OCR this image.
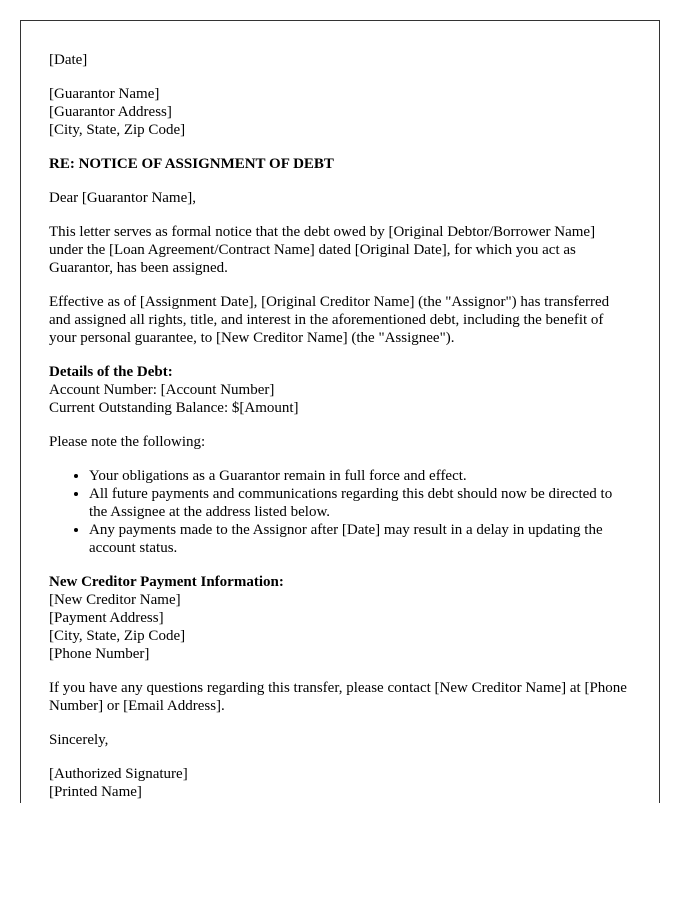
[Date]

[Guarantor Name]
[Guarantor Address]
[City, State, Zip Code]

RE: NOTICE OF ASSIGNMENT OF DEBT

Dear [Guarantor Name],

This letter serves as formal notice that the debt owed by [Original Debtor/Borrower Name] under the [Loan Agreement/Contract Name] dated [Original Date], for which you act as Guarantor, has been assigned.

Effective as of [Assignment Date], [Original Creditor Name] (the "Assignor") has transferred and assigned all rights, title, and interest in the aforementioned debt, including the benefit of your personal guarantee, to [New Creditor Name] (the "Assignee").

Details of the Debt:
Account Number: [Account Number]
Current Outstanding Balance: $[Amount]

Please note the following:

• Your obligations as a Guarantor remain in full force and effect.
• All future payments and communications regarding this debt should now be directed to the Assignee at the address listed below.
• Any payments made to the Assignor after [Date] may result in a delay in updating the account status.

New Creditor Payment Information:
[New Creditor Name]
[Payment Address]
[City, State, Zip Code]
[Phone Number]

If you have any questions regarding this transfer, please contact [New Creditor Name] at [Phone Number] or [Email Address].

Sincerely,

[Authorized Signature]
[Printed Name]
